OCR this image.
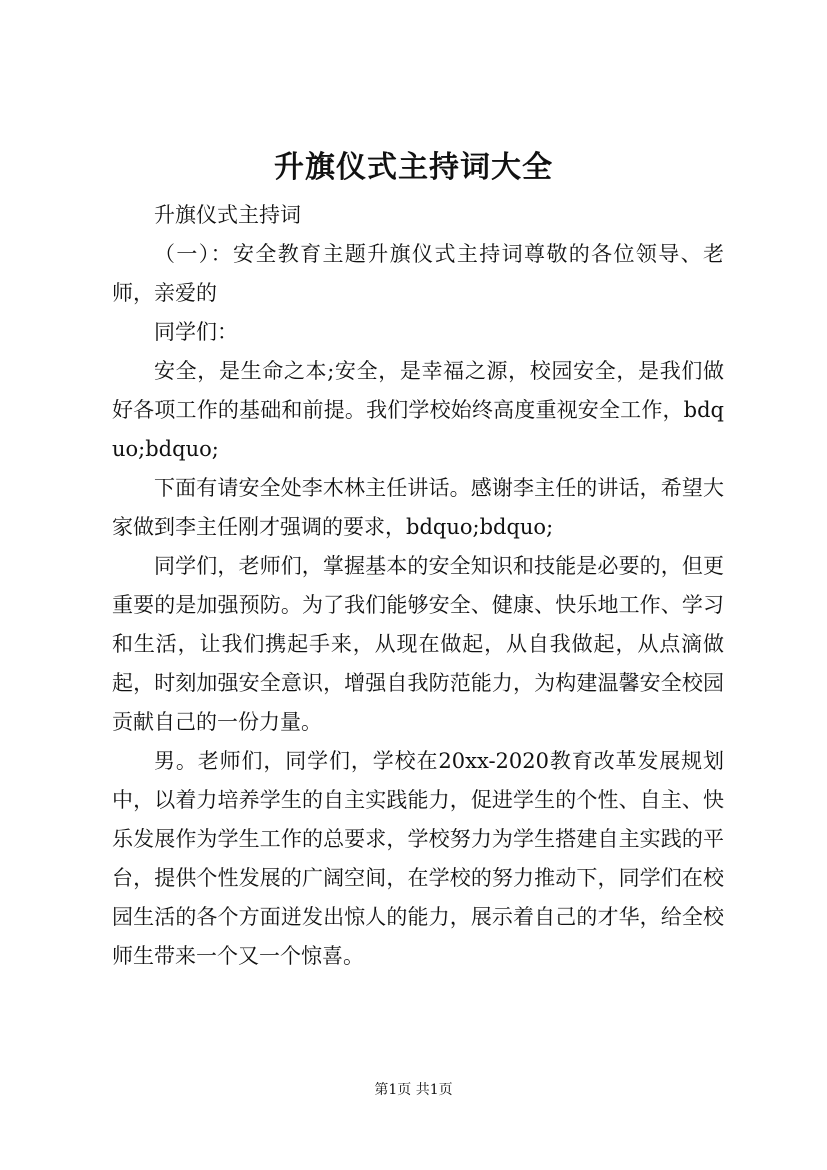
升旗仪式主持词大全

升旗仪式主持词

（一）：安全教育主题升旗仪式主持词尊敬的各位领导、老师，亲爱的

同学们：

安全，是生命之本;安全，是幸福之源，校园安全，是我们做好各项工作的基础和前提。我们学校始终高度重视安全工作，bdquo;bdquo;

下面有请安全处李木林主任讲话。感谢李主任的讲话，希望大家做到李主任刚才强调的要求，bdquo;bdquo;

同学们，老师们，掌握基本的安全知识和技能是必要的，但更重要的是加强预防。为了我们能够安全、健康、快乐地工作、学习和生活，让我们携起手来，从现在做起，从自我做起，从点滴做起，时刻加强安全意识，增强自我防范能力，为构建温馨安全校园贡献自己的一份力量。

男。老师们，同学们，学校在20xx-2020教育改革发展规划中，以着力培养学生的自主实践能力，促进学生的个性、自主、快乐发展作为学生工作的总要求，学校努力为学生搭建自主实践的平台，提供个性发展的广阔空间，在学校的努力推动下，同学们在校园生活的各个方面迸发出惊人的能力，展示着自己的才华，给全校师生带来一个又一个惊喜。

第1页 共1页
